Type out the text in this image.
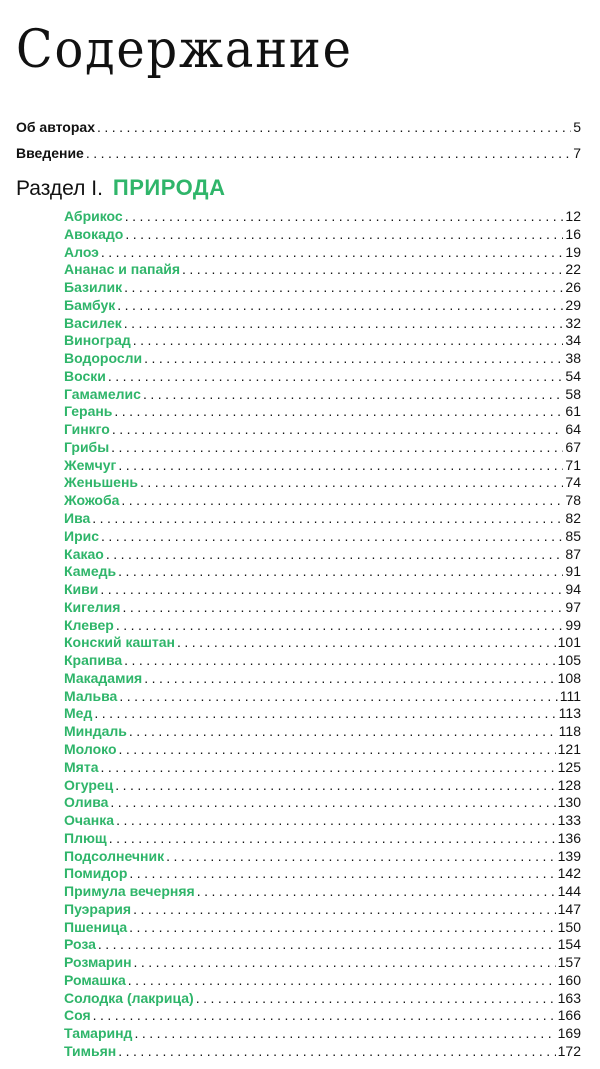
Содержание
Об авторах . . .	5
Введение . . .	7
Раздел I. ПРИРОДА
Абрикос . . .	12
Авокадо . . .	16
Алоэ . . .	19
Ананас и папайя . . .	22
Базилик . . .	26
Бамбук . . .	29
Василек . . .	32
Виноград . . .	34
Водоросли . . .	38
Воски . . .	54
Гамамелис . . .	58
Герань . . .	61
Гинкго . . .	64
Грибы . . .	67
Жемчуг . . .	71
Женьшень . . .	74
Жожоба . . .	78
Ива . . .	82
Ирис . . .	85
Какао . . .	87
Камедь . . .	91
Киви . . .	94
Кигелия . . .	97
Клевер . . .	99
Конский каштан . . .	101
Крапива . . .	105
Макадамия . . .	108
Мальва . . .	111
Мед . . .	113
Миндаль . . .	118
Молоко . . .	121
Мята . . .	125
Огурец . . .	128
Олива . . .	130
Очанка . . .	133
Плющ . . .	136
Подсолнечник . . .	139
Помидор . . .	142
Примула вечерняя . . .	144
Пуэрария . . .	147
Пшеница . . .	150
Роза . . .	154
Розмарин . . .	157
Ромашка . . .	160
Солодка (лакрица) . . .	163
Соя . . .	166
Тамаринд . . .	169
Тимьян . . .	172
